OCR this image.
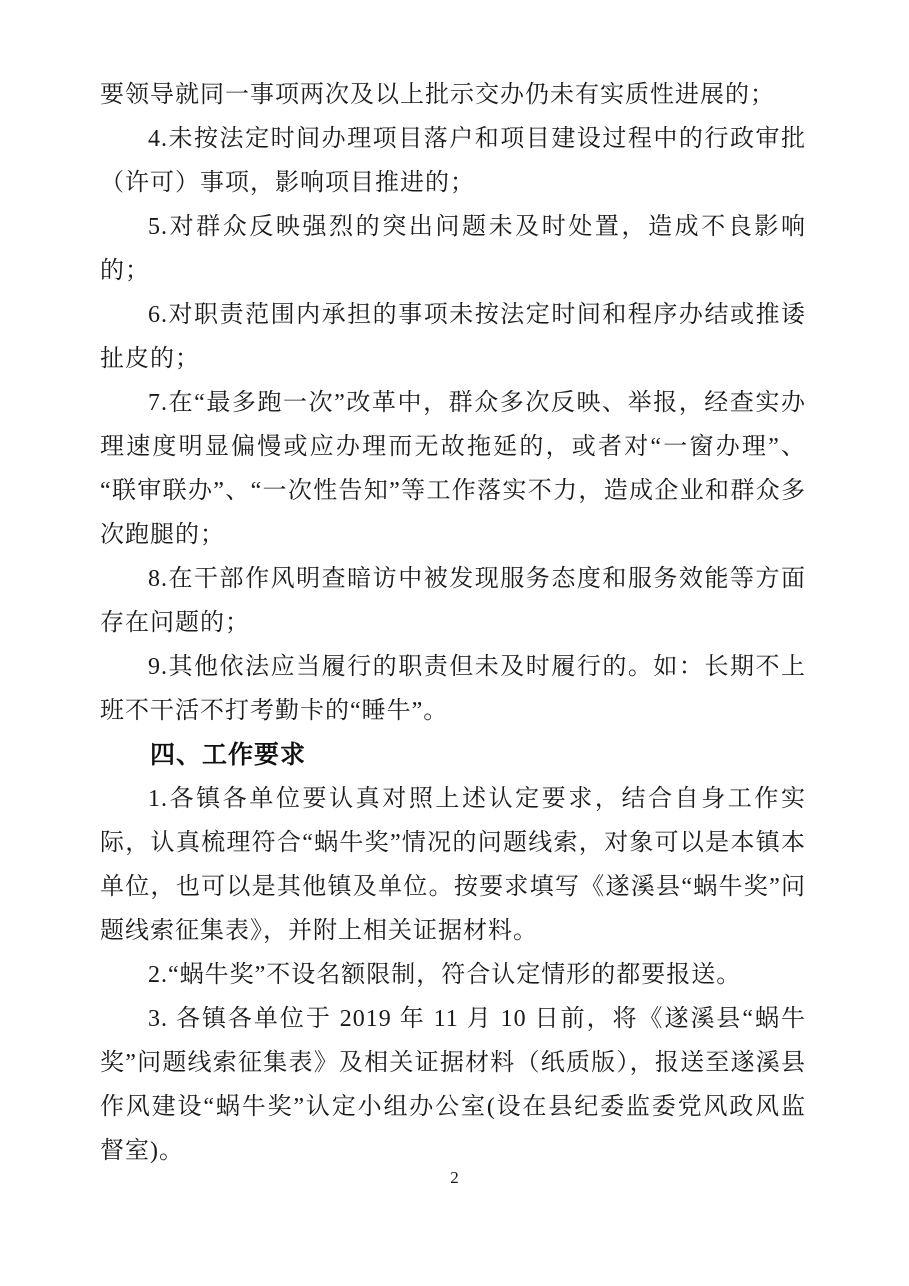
要领导就同一事项两次及以上批示交办仍未有实质性进展的；

4.未按法定时间办理项目落户和项目建设过程中的行政审批（许可）事项，影响项目推进的；

5.对群众反映强烈的突出问题未及时处置，造成不良影响的；

6.对职责范围内承担的事项未按法定时间和程序办结或推诿扯皮的；

7.在“最多跑一次”改革中，群众多次反映、举报，经查实办理速度明显偏慢或应办理而无故拖延的，或者对“一窗办理”、“联审联办”、“一次性告知”等工作落实不力，造成企业和群众多次跑腿的；

8.在干部作风明查暗访中被发现服务态度和服务效能等方面存在问题的；

9.其他依法应当履行的职责但未及时履行的。如：长期不上班不干活不打考勤卡的“睡牛”。

四、工作要求

1.各镇各单位要认真对照上述认定要求，结合自身工作实际，认真梳理符合“蜗牛奖”情况的问题线索，对象可以是本镇本单位，也可以是其他镇及单位。按要求填写《遂溪县“蜗牛奖”问题线索征集表》，并附上相关证据材料。

2.“蜗牛奖”不设名额限制，符合认定情形的都要报送。

3. 各镇各单位于 2019 年 11 月 10 日前，将《遂溪县“蜗牛奖”问题线索征集表》及相关证据材料（纸质版），报送至遂溪县作风建设“蜗牛奖”认定小组办公室(设在县纪委监委党风政风监督室)。

2
